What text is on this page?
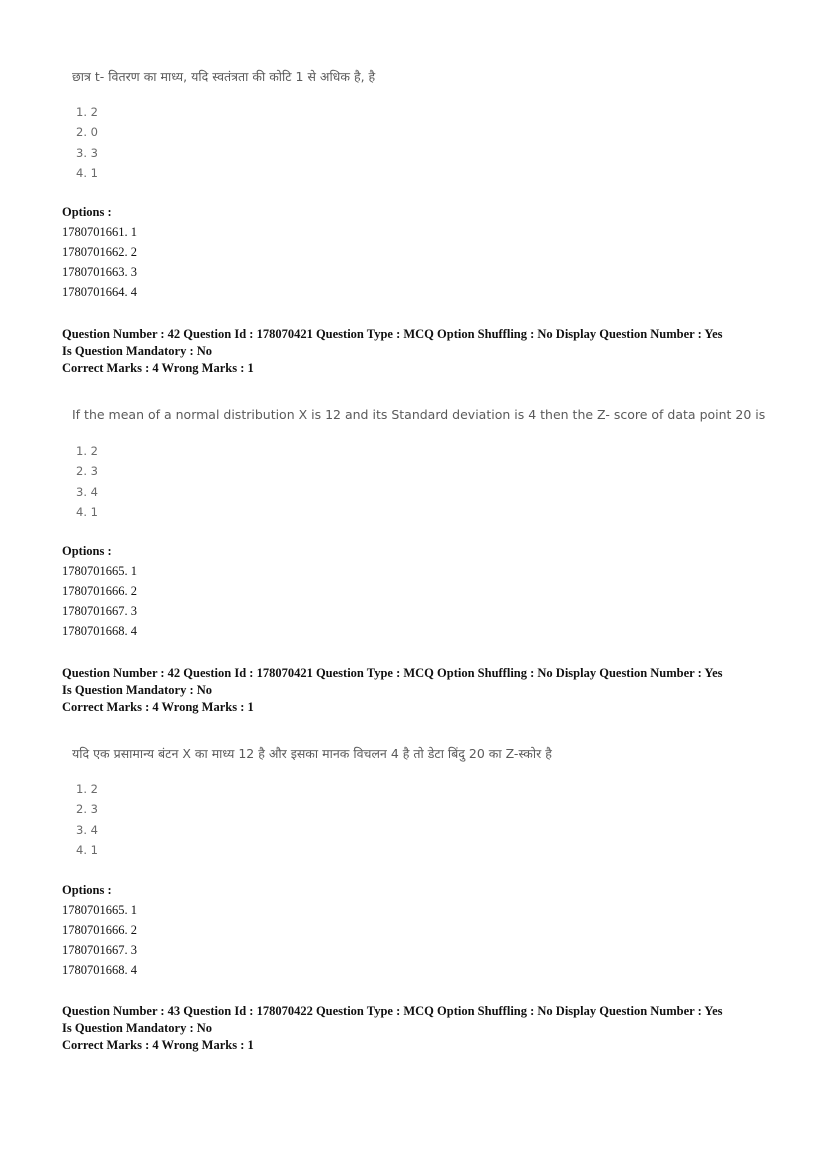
छात्र t- वितरण का माध्य, यदि स्वतंत्रता की कोटि 1 से अधिक है, है
1. 2
2. 0
3. 3
4. 1
Options :
1780701661. 1
1780701662. 2
1780701663. 3
1780701664. 4
Question Number : 42 Question Id : 178070421 Question Type : MCQ Option Shuffling : No Display Question Number : Yes
Is Question Mandatory : No
Correct Marks : 4 Wrong Marks : 1
If the mean of a normal distribution X is 12 and its Standard deviation is 4 then the Z- score of data point 20 is
1. 2
2. 3
3. 4
4. 1
Options :
1780701665. 1
1780701666. 2
1780701667. 3
1780701668. 4
Question Number : 42 Question Id : 178070421 Question Type : MCQ Option Shuffling : No Display Question Number : Yes
Is Question Mandatory : No
Correct Marks : 4 Wrong Marks : 1
यदि एक प्रसामान्य बंटन X का माध्य 12 है और इसका मानक विचलन 4 है तो डेटा बिंदु 20 का Z-स्कोर है
1. 2
2. 3
3. 4
4. 1
Options :
1780701665. 1
1780701666. 2
1780701667. 3
1780701668. 4
Question Number : 43 Question Id : 178070422 Question Type : MCQ Option Shuffling : No Display Question Number : Yes
Is Question Mandatory : No
Correct Marks : 4 Wrong Marks : 1
